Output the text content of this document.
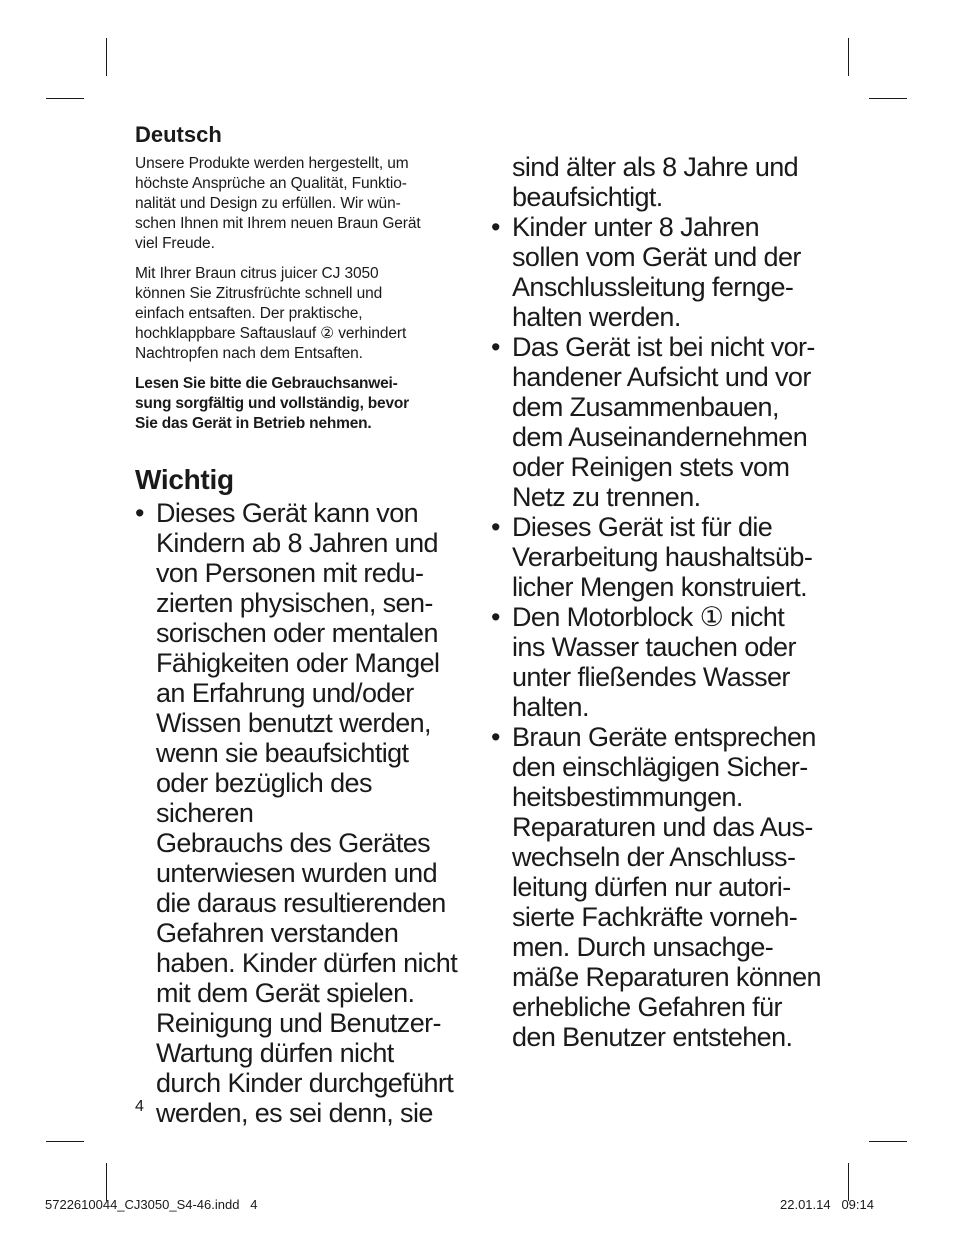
Deutsch

Unsere Produkte werden hergestellt, um
höchste Ansprüche an Qualität, Funktio-
nalität und Design zu erfüllen. Wir wün-
schen Ihnen mit Ihrem neuen Braun Gerät
viel Freude.

Mit Ihrer Braun citrus juicer CJ 3050
können Sie Zitrusfrüchte schnell und
einfach entsaften. Der praktische,
hochklappbare Saftauslauf ② verhindert
Nachtropfen nach dem Entsaften.

Lesen Sie bitte die Gebrauchsanwei-
sung sorgfältig und vollständig, bevor
Sie das Gerät in Betrieb nehmen.

Wichtig

• Dieses Gerät kann von
Kindern ab 8 Jahren und
von Personen mit redu-
zierten physischen, sen-
sorischen oder mentalen
Fähigkeiten oder Mangel
an Erfahrung und/oder
Wissen benutzt werden,
wenn sie beaufsichtigt
oder bezüglich des sicheren
Gebrauchs des Gerätes
unterwiesen wurden und
die daraus resultierenden
Gefahren verstanden
haben. Kinder dürfen nicht
mit dem Gerät spielen.
Reinigung und Benutzer-
Wartung dürfen nicht
durch Kinder durchgeführt
werden, es sei denn, sie

sind älter als 8 Jahre und
beaufsichtigt.

• Kinder unter 8 Jahren
sollen vom Gerät und der
Anschlussleitung fernge-
halten werden.

• Das Gerät ist bei nicht vor-
handener Aufsicht und vor
dem Zusammenbauen,
dem Auseinandernehmen
oder Reinigen stets vom
Netz zu trennen.

• Dieses Gerät ist für die
Verarbeitung haushaltsüb-
licher Mengen konstruiert.

• Den Motorblock ① nicht
ins Wasser tauchen oder
unter fließendes Wasser
halten.

• Braun Geräte entsprechen
den einschlägigen Sicher-
heitsbestimmungen.
Reparaturen und das Aus-
wechseln der Anschluss-
leitung dürfen nur autori-
sierte Fachkräfte vorneh-
men. Durch unsachge-
mäße Reparaturen können
erhebliche Gefahren für
den Benutzer entstehen.

4
5722610044_CJ3050_S4-46.indd   4	22.01.14   09:14
